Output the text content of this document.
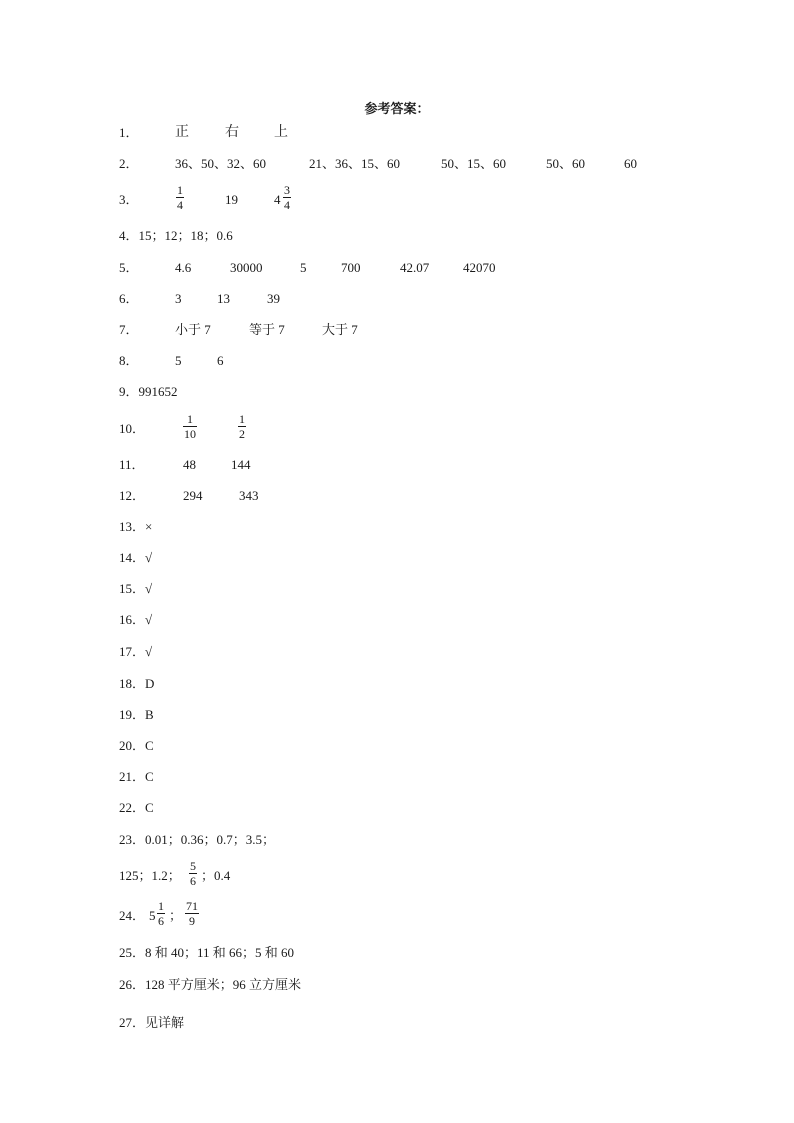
参考答案：
1．	正	右	上
2．	36、50、32、60	21、36、15、60	50、15、60	50、60	60
3．
1
4	19	4
3
4
4．15；12；18；0.6
5．	4.6	30000	5	700	42.07	42070
6．	3	13	39
7．	小于 7	等于 7	大于 7
8．	5	6
9．991652
10．
1
10
1
2
11．	48	144
12．	294	343
13．×
14．√
15．√
16．√
17．√
18．D
19．B
20．C
21．C
22．C
23．0.01；0.36；0.7；3.5；
125；1.2；
5
6 ；0.4
24． 5
1
6 ；
71
9
25．8 和 40；11 和 66；5 和 60
26．128 平方厘米；96 立方厘米
27．见详解
